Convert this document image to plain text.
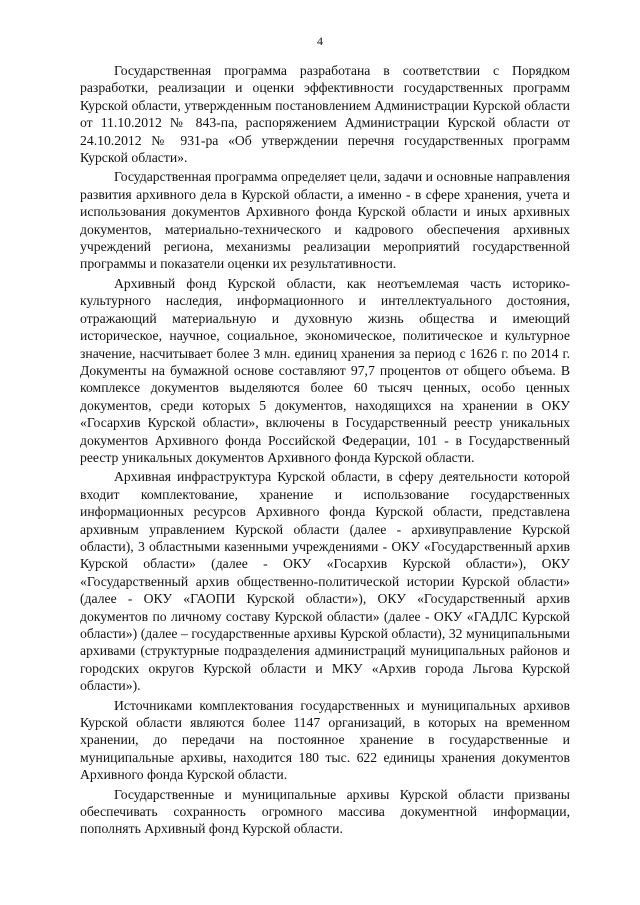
4

Государственная программа разработана в соответствии с Порядком разработки, реализации и оценки эффективности государственных программ Курской области, утвержденным постановлением Администрации Курской области от 11.10.2012 № 843-па, распоряжением Администрации Курской области от 24.10.2012 № 931-ра «Об утверждении перечня государственных программ Курской области».

Государственная программа определяет цели, задачи и основные направления развития архивного дела в Курской области, а именно - в сфере хранения, учета и использования документов Архивного фонда Курской области и иных архивных документов, материально-технического и кадрового обеспечения архивных учреждений региона, механизмы реализации мероприятий государственной программы и показатели оценки их результативности.

Архивный фонд Курской области, как неотъемлемая часть историко-культурного наследия, информационного и интеллектуального достояния, отражающий материальную и духовную жизнь общества и имеющий историческое, научное, социальное, экономическое, политическое и культурное значение, насчитывает более 3 млн. единиц хранения за период с 1626 г. по 2014 г. Документы на бумажной основе составляют 97,7 процентов от общего объема. В комплексе документов выделяются более 60 тысяч ценных, особо ценных документов, среди которых 5 документов, находящихся на хранении в ОКУ «Госархив Курской области», включены в Государственный реестр уникальных документов Архивного фонда Российской Федерации, 101 - в Государственный реестр уникальных документов Архивного фонда Курской области.

Архивная инфраструктура Курской области, в сферу деятельности которой входит комплектование, хранение и использование государственных информационных ресурсов Архивного фонда Курской области, представлена архивным управлением Курской области (далее - архивуправление Курской области), 3 областными казенными учреждениями - ОКУ «Государственный архив Курской области» (далее - ОКУ «Госархив Курской области»), ОКУ «Государственный архив общественно-политической истории Курской области» (далее - ОКУ «ГАОПИ Курской области»), ОКУ «Государственный архив документов по личному составу Курской области» (далее - ОКУ «ГАДЛС Курской области») (далее – государственные архивы Курской области), 32 муниципальными архивами (структурные подразделения администраций муниципальных районов и городских округов Курской области и МКУ «Архив города Льгова Курской области»).

Источниками комплектования государственных и муниципальных архивов Курской области являются более 1147 организаций, в которых на временном хранении, до передачи на постоянное хранение в государственные и муниципальные архивы, находится 180 тыс. 622 единицы хранения документов Архивного фонда Курской области.

Государственные и муниципальные архивы Курской области призваны обеспечивать сохранность огромного массива документной информации, пополнять Архивный фонд Курской области.
